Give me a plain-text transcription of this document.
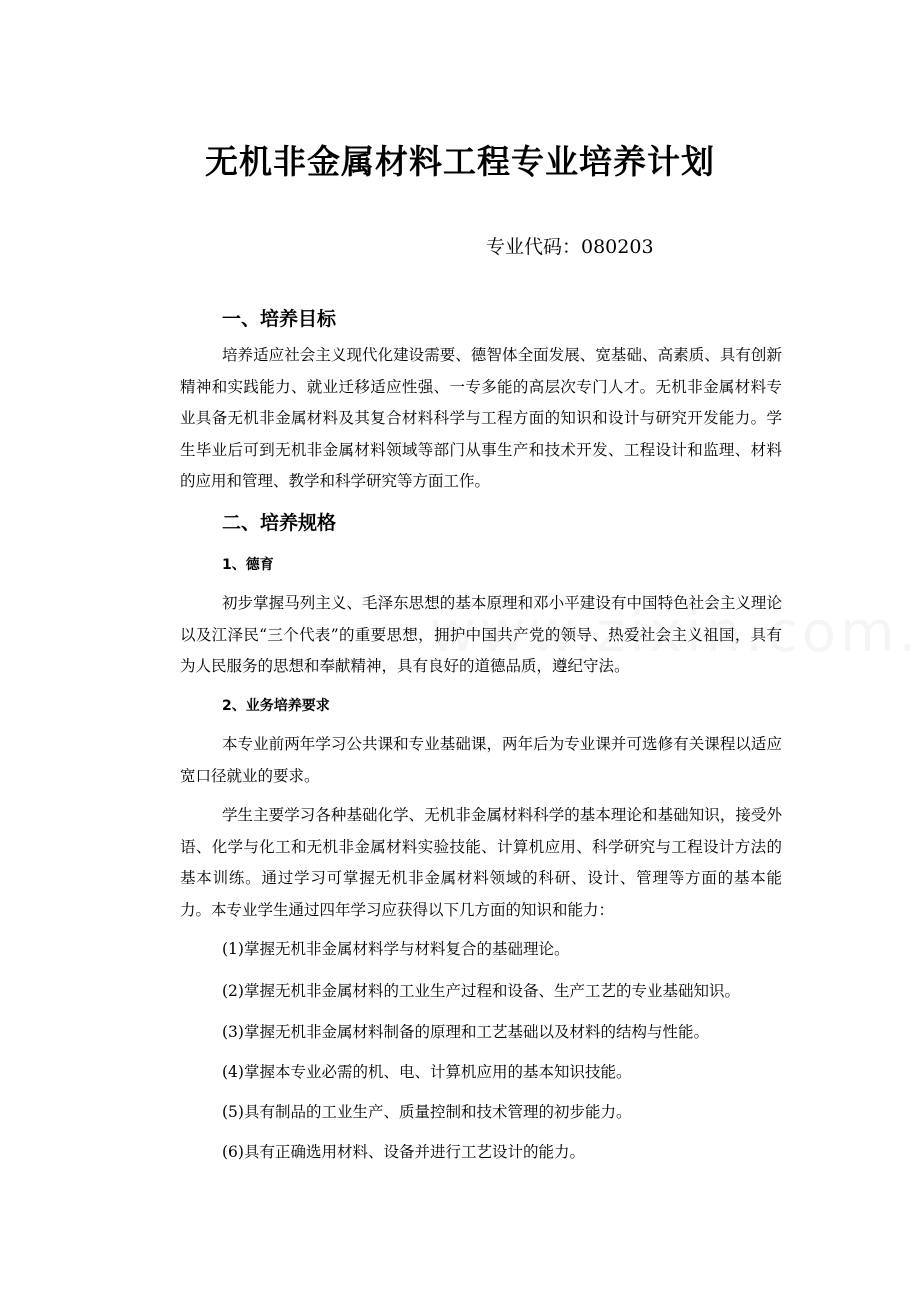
无机非金属材料工程专业培养计划
专业代码：080203
一、培养目标

培养适应社会主义现代化建设需要、德智体全面发展、宽基础、高素质、具有创新精神和实践能力、就业迁移适应性强、一专多能的高层次专门人才。无机非金属材料专业具备无机非金属材料及其复合材料科学与工程方面的知识和设计与研究开发能力。学生毕业后可到无机非金属材料领域等部门从事生产和技术开发、工程设计和监理、材料的应用和管理、教学和科学研究等方面工作。

二、培养规格
1、德育

初步掌握马列主义、毛泽东思想的基本原理和邓小平建设有中国特色社会主义理论以及江泽民“三个代表”的重要思想，拥护中国共产党的领导、热爱社会主义祖国，具有为人民服务的思想和奉献精神，具有良好的道德品质，遵纪守法。

2、业务培养要求

本专业前两年学习公共课和专业基础课，两年后为专业课并可选修有关课程以适应宽口径就业的要求。

学生主要学习各种基础化学、无机非金属材料科学的基本理论和基础知识，接受外语、化学与化工和无机非金属材料实验技能、计算机应用、科学研究与工程设计方法的基本训练。通过学习可掌握无机非金属材料领域的科研、设计、管理等方面的基本能力。本专业学生通过四年学习应获得以下几方面的知识和能力：

(1)掌握无机非金属材料学与材料复合的基础理论。
(2)掌握无机非金属材料的工业生产过程和设备、生产工艺的专业基础知识。
(3)掌握无机非金属材料制备的原理和工艺基础以及材料的结构与性能。
(4)掌握本专业必需的机、电、计算机应用的基本知识技能。
(5)具有制品的工业生产、质量控制和技术管理的初步能力。
(6)具有正确选用材料、设备并进行工艺设计的能力。
